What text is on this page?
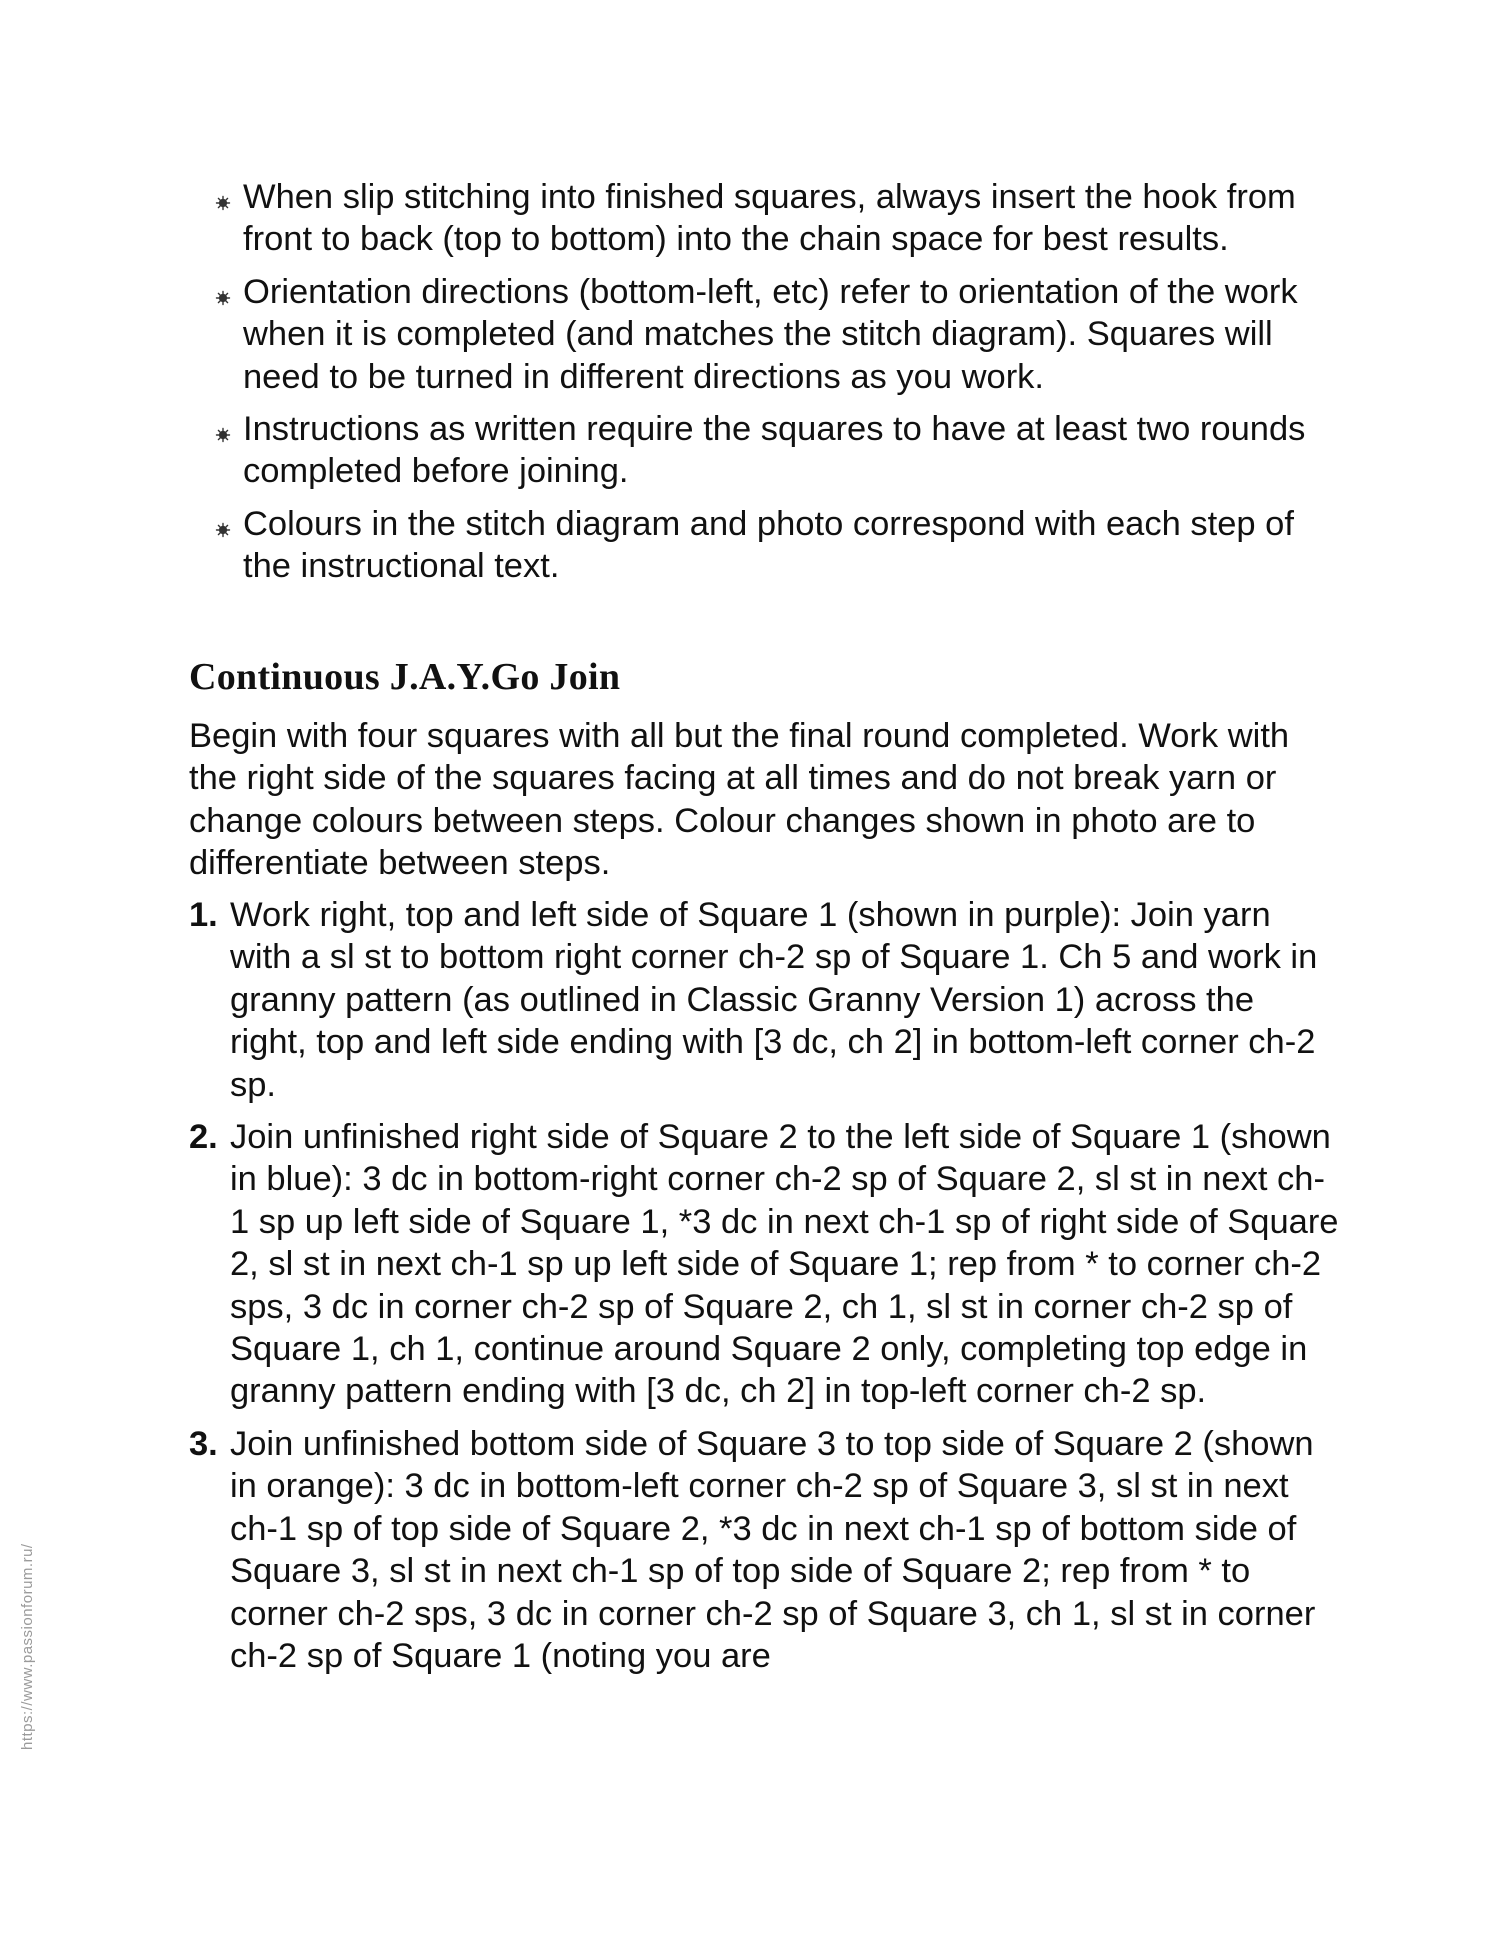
When slip stitching into finished squares, always insert the hook from front to back (top to bottom) into the chain space for best results.
Orientation directions (bottom-left, etc) refer to orientation of the work when it is completed (and matches the stitch diagram). Squares will need to be turned in different directions as you work.
Instructions as written require the squares to have at least two rounds completed before joining.
Colours in the stitch diagram and photo correspond with each step of the instructional text.
Continuous J.A.Y.Go Join

Begin with four squares with all but the final round completed. Work with the right side of the squares facing at all times and do not break yarn or change colours between steps. Colour changes shown in photo are to differentiate between steps.

1. Work right, top and left side of Square 1 (shown in purple): Join yarn with a sl st to bottom right corner ch-2 sp of Square 1. Ch 5 and work in granny pattern (as outlined in Classic Granny Version 1) across the right, top and left side ending with [3 dc, ch 2] in bottom-left corner ch-2 sp.
2. Join unfinished right side of Square 2 to the left side of Square 1 (shown in blue): 3 dc in bottom-right corner ch-2 sp of Square 2, sl st in next ch-1 sp up left side of Square 1, *3 dc in next ch-1 sp of right side of Square 2, sl st in next ch-1 sp up left side of Square 1; rep from * to corner ch-2 sps, 3 dc in corner ch-2 sp of Square 2, ch 1, sl st in corner ch-2 sp of Square 1, ch 1, continue around Square 2 only, completing top edge in granny pattern ending with [3 dc, ch 2] in top-left corner ch-2 sp.
3. Join unfinished bottom side of Square 3 to top side of Square 2 (shown in orange): 3 dc in bottom-left corner ch-2 sp of Square 3, sl st in next ch-1 sp of top side of Square 2, *3 dc in next ch-1 sp of bottom side of Square 3, sl st in next ch-1 sp of top side of Square 2; rep from * to corner ch-2 sps, 3 dc in corner ch-2 sp of Square 3, ch 1, sl st in corner ch-2 sp of Square 1 (noting you are
https://www.passionforum.ru/
